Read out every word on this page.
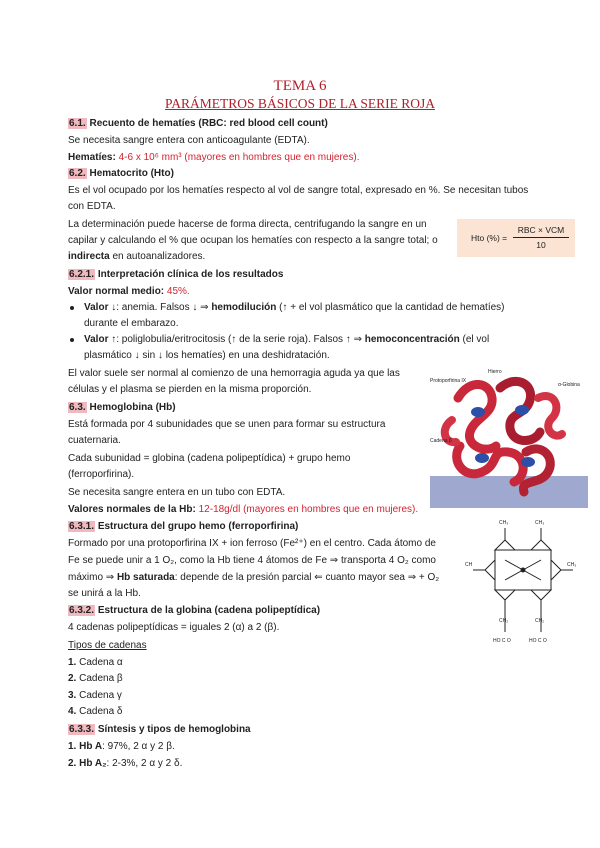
TEMA 6
PARÁMETROS BÁSICOS DE LA SERIE ROJA
6.1. Recuento de hematíes (RBC: red blood cell count)
Se necesita sangre entera con anticoagulante (EDTA).
Hematíes: 4-6 x 10⁶ mm³ (mayores en hombres que en mujeres).
6.2. Hematocrito (Hto)
Es el vol ocupado por los hematíes respecto al vol de sangre total, expresado en %. Se necesitan tubos
con EDTA.
La determinación puede hacerse de forma directa, centrifugando la sangre en un
capilar y calculando el % que ocupan los hematíes con respecto a la sangre total; o
indirecta en autoanalizadores.
Hto (%) =
RBC × VCM
10
6.2.1. Interpretación clínica de los resultados
Valor normal medio: 45%.
Valor ↓: anemia. Falsos ↓ ⇒ hemodilución (↑ + el vol plasmático que la cantidad de hematíes)
durante el embarazo.
Valor ↑: poliglobulia/eritrocitosis (↑ de la serie roja). Falsos ↑ ⇒ hemoconcentración (el vol
plasmático ↓ sin ↓ los hematíes) en una deshidratación.
El valor suele ser normal al comienzo de una hemorragia aguda ya que las
células y el plasma se pierden en la misma proporción.
6.3. Hemoglobina (Hb)
Está formada por 4 subunidades que se unen para formar su estructura
cuaternaria.
Cada subunidad = globina (cadena polipeptídica) + grupo hemo
(ferroporfirina).
Se necesita sangre entera en un tubo con EDTA.
Valores normales de la Hb: 12-18g/dl (mayores en hombres que en mujeres).
6.3.1. Estructura del grupo hemo (ferroporfirina)
Formado por una protoporfirina IX + ion ferroso (Fe²⁺) en el centro. Cada átomo de
Fe se puede unir a 1 O₂, como la Hb tiene 4 átomos de Fe ⇒ transporta 4 O₂ como
máximo ⇒ Hb saturada: depende de la presión parcial ⇐ cuanto mayor sea ⇒ + O₂
se unirá a la Hb.
6.3.2. Estructura de la globina (cadena polipeptídica)
4 cadenas polipeptídicas = iguales 2 (α) a 2 (β).
Tipos de cadenas
1. Cadena α
2. Cadena β
3. Cadena γ
4. Cadena δ
6.3.3. Síntesis y tipos de hemoglobina
1. Hb A: 97%, 2 α y 2 β.
2. Hb A₂: 2-3%, 2 α y 2 δ.
Protoporfirina IX
Hierro
α-Globina
Cadena β
CH₃	CH₃
CH	CH₃
CH₂	CH₂
HO C O	HO C O
